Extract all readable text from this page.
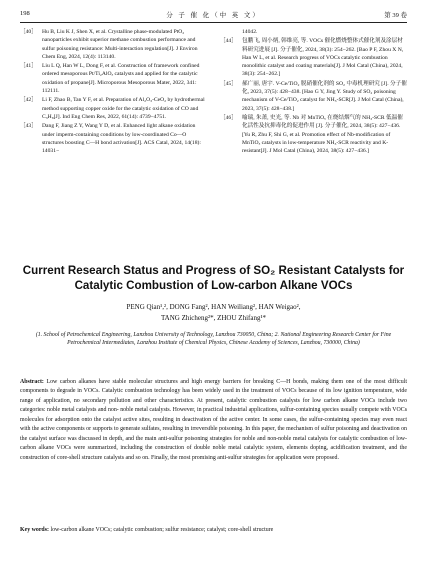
198	分 子 催 化（中 英 文）	第 39 卷
［40］ Hu B, Liu K J, Shen X, et al. Crystalline phase-modulated PtO₂ nanoparticles exhibit superior methane combustion performance and sulfur poisoning resistance: Multi-interaction regulation[J]. J Environ Chem Eng, 2024, 12(4): 113140.
［41］ Liu L Q, Han W L, Dong F, et al. Construction of framework confined ordered mesoporous Pt/Ti₂AlOₓ catalysts and applied for the catalytic oxidation of propane[J]. Microporous Mesoporous Mater, 2022, 341: 112111.
［42］ Li F, Zhao B, Tan Y F, et al. Preparation of Al₂O₃-CeO₂ by hydrothermal method supporting copper oxide for the catalytic oxidation of CO and C₃H₈[J]. Ind Eng Chem Res, 2022, 61(14): 4739−4751.
［43］ Dang F, Jiang Z Y, Wang Y D, et al. Enhanced light alkane oxidation under imperm-containing conditions by low-coordinated Co—O structures boosting C—H bond activation[J]. ACS Catal, 2024, 14(18): 14031−
14042.
［44］ 包鹏飞, 周小炳, 韩维亮, 等. VOCs 催化燃烧整体式催化剂及涂层材料研究进展 [J]. 分子催化, 2024, 38(3): 254−262. [Bao P F, Zhou X N, Han W L, et al. Research progress of VOCs catalytic combustion monolithic catalyst and coating materials[J]. J Mol Catal (China), 2024, 38(3): 254−262.]
［45］ 郝广丽, 唐宇. V-Ce/TiO₂ 脱硝催化剂的 SO₂ 中毒机理研究 [J]. 分子催化, 2023, 37(5): 428−438. [Hao G Y, Jing Y. Study of SO₂ poisoning mechanism of V-Ce/TiO₂ catalyst for NH₃-SCR[J]. J Mol Catal (China), 2023, 37(5): 428−438.]
［46］ 喻瑞, 朱萧, 史光, 等. Nb 对 MnTiOₓ 在烧结烟气的 NH₃-SCR 低温催化活性及抗抑毒化的促进作用 [J]. 分子催化, 2024, 38(5): 427−436. [Yu R, Zhu F, Shi G, et al. Promotion effect of Nb-modification of MnTiOₓ catalysts in low-temperature NH₃-SCR reactivity and K-resistant[J]. J Mol Catal (China), 2024, 38(5): 427−436.]
Current Research Status and Progress of SO₂ Resistant Catalysts for Catalytic Combustion of Low-carbon Alkane VOCs
PENG Qian¹,², DONG Fang², HAN Weiliang², HAN Weigao²,
TANG Zhicheng²*, ZHOU Zhifang¹*
(1. School of Petrochemical Engineering, Lanzhou University of Technology, Lanzhou 730050, China; 2. National Engineering Research Center for Fine Petrochemical Intermediates, Lanzhou Institute of Chemical Physics, Chinese Academy of Sciences, Lanzhou, 730000, China)
Abstract: Low carbon alkanes have stable molecular structures and high energy barriers for breaking C—H bonds, making them one of the most difficult components to degrade in VOCs. Catalytic combustion technology has been widely used in the treatment of VOCs because of its low ignition temperature, wide range of application, no secondary pollution and other characteristics. At present, catalytic combustion catalysts for low carbon alkane VOCs include two categories: noble metal catalysts and non- noble metal catalysts. However, in practical industrial applications, sulfur-containing species usually compete with VOCs molecules for adsorption onto the catalyst active sites, resulting in deactivation of the active center. In some cases, the sulfur-containing species may even react with the active components or supports to generate sulfates, resulting in irreversible poisoning. In this paper, the mechanism of sulfur poisoning and deactivation on the catalyst surface was discussed in depth, and the main anti-sulfur poisoning strategies for noble and non-noble metal catalysts for catalytic combustion of low-carbon alkane VOCs were summarized, including the construction of double noble metal catalytic system, elements doping, acidification treatment, and the construction of core-shell structure catalysts and so on. Finally, the most promising anti-sulfur strategies for application were proposed.
Key words: low-carbon alkane VOCs; catalytic combustion; sulfur resistance; catalyst; core-shell structure
